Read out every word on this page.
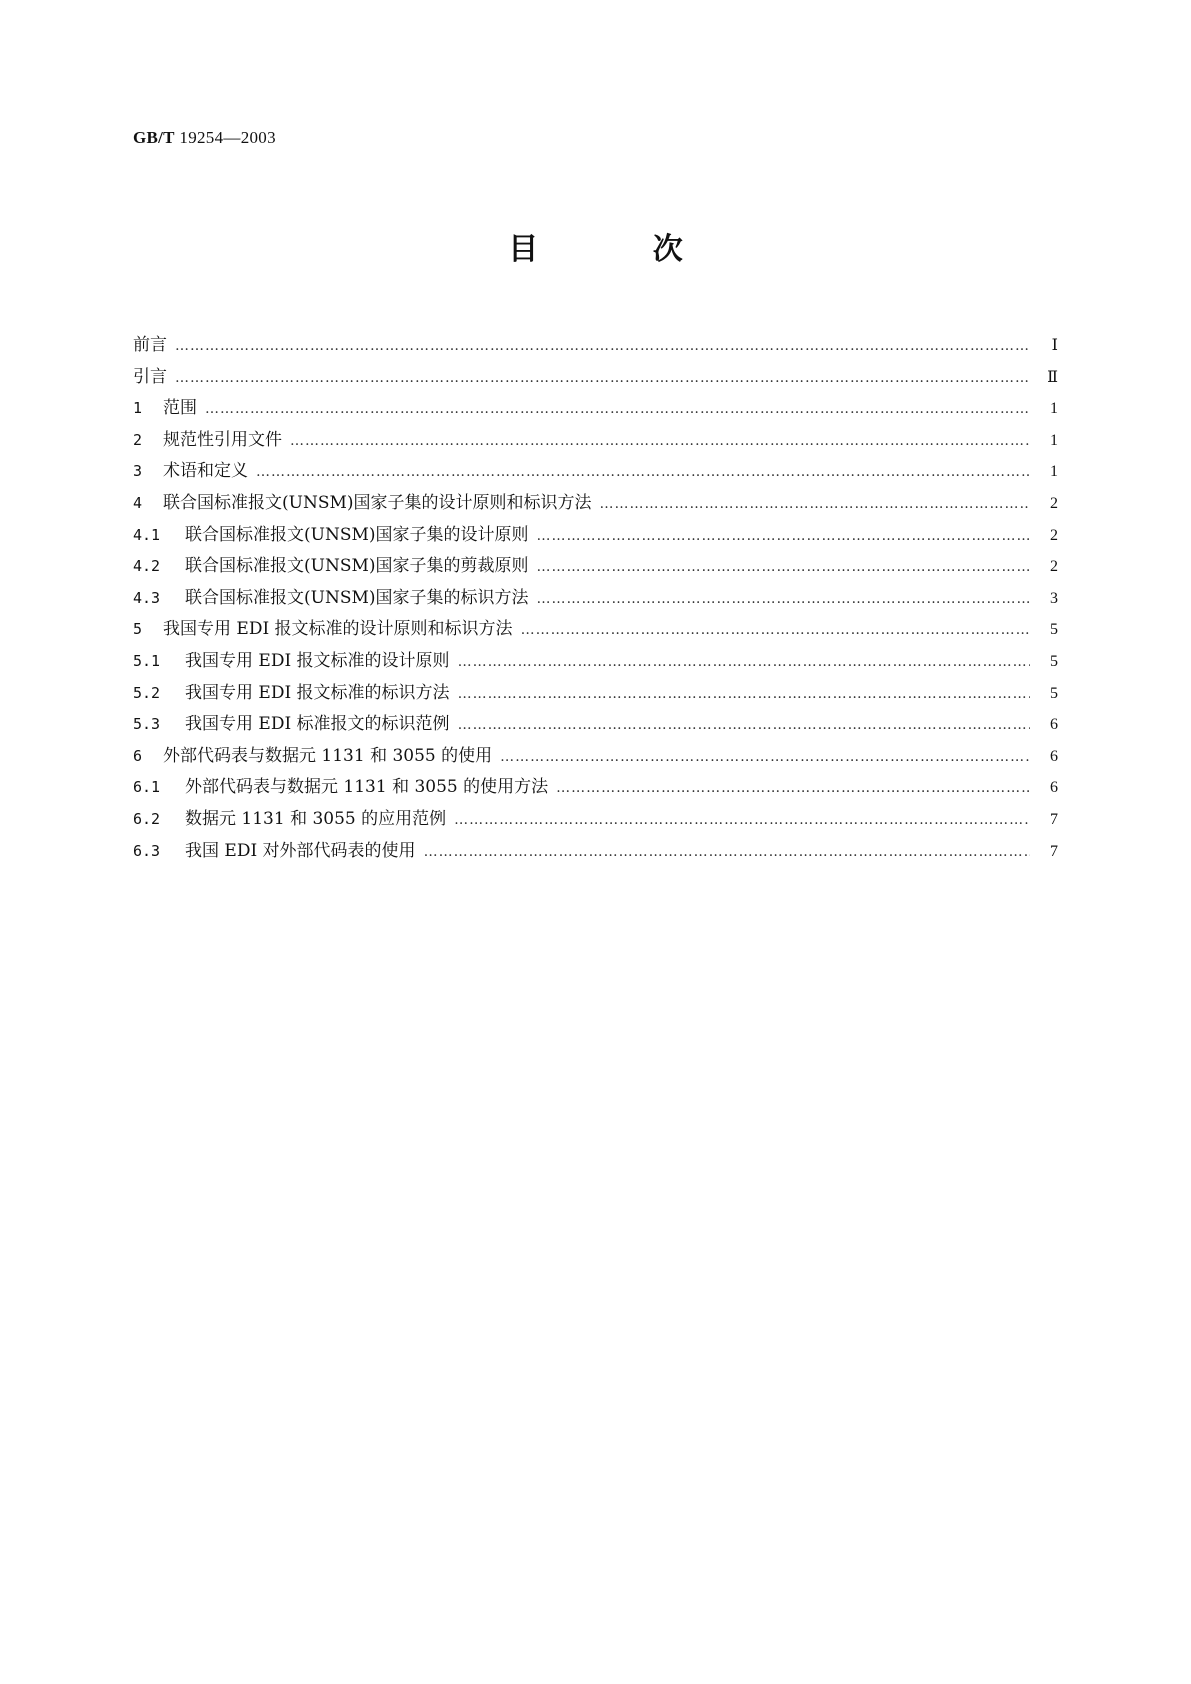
GB/T 19254—2003
目 次
前言 …………………………………………………………………………………………………………………………………………………………………………………………………………………………………………	Ⅰ
引言 …………………………………………………………………………………………………………………………………………………………………………………………………………………………………………	Ⅱ
1	范围 …………………………………………………………………………………………………………………………………………………………………………………………………………………………………………	1
2	规范性引用文件 …………………………………………………………………………………………………………………………………………………………………………………………………………………………………………	1
3	术语和定义 …………………………………………………………………………………………………………………………………………………………………………………………………………………………………………	1
4	联合国标准报文(UNSM)国家子集的设计原则和标识方法 …………………………………………………………………………………………………………………………………………………………………………………………………………………………………………	2
4.1	联合国标准报文(UNSM)国家子集的设计原则 …………………………………………………………………………………………………………………………………………………………………………………………………………………………………………	2
4.2	联合国标准报文(UNSM)国家子集的剪裁原则 …………………………………………………………………………………………………………………………………………………………………………………………………………………………………………	2
4.3	联合国标准报文(UNSM)国家子集的标识方法 …………………………………………………………………………………………………………………………………………………………………………………………………………………………………………	3
5	我国专用 EDI 报文标准的设计原则和标识方法 …………………………………………………………………………………………………………………………………………………………………………………………………………………………………………	5
5.1	我国专用 EDI 报文标准的设计原则 …………………………………………………………………………………………………………………………………………………………………………………………………………………………………………	5
5.2	我国专用 EDI 报文标准的标识方法 …………………………………………………………………………………………………………………………………………………………………………………………………………………………………………	5
5.3	我国专用 EDI 标准报文的标识范例 …………………………………………………………………………………………………………………………………………………………………………………………………………………………………………	6
6	外部代码表与数据元 1131 和 3055 的使用 …………………………………………………………………………………………………………………………………………………………………………………………………………………………………………	6
6.1	外部代码表与数据元 1131 和 3055 的使用方法 …………………………………………………………………………………………………………………………………………………………………………………………………………………………………………	6
6.2	数据元 1131 和 3055 的应用范例 …………………………………………………………………………………………………………………………………………………………………………………………………………………………………………	7
6.3	我国 EDI 对外部代码表的使用 …………………………………………………………………………………………………………………………………………………………………………………………………………………………………………	7
